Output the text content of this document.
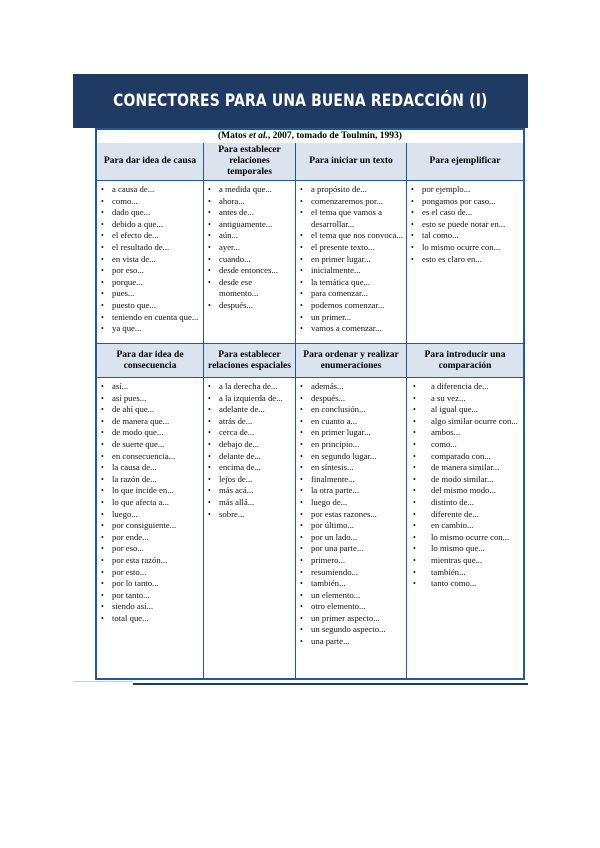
CONECTORES PARA UNA BUENA REDACCIÓN (I)
(Matos et al., 2007, tomado de Toulmin, 1993)
Para dar idea de causa
Para establecer relaciones temporales
Para iniciar un texto	Para ejemplificar
• a causa de...
• como...
• dado que...
• debido a que...
• el efecto de...
• el resultado de...
• en vista de...
• por eso...
• porque...
• pues...
• puesto que...
• teniendo en cuenta que...
• ya que...
• a medida que...
• ahora...
• antes de...
• antiguamente...
• aún...
• ayer...
• cuando...
• desde entonces...
• desde ese momento...
• después...
• a propósito de...
• comenzaremos por...
• el tema que vamos a desarrollar...
• el tema que nos convoca...
• el presente texto...
• en primer lugar...
• inicialmente...
• la temática que...
• para comenzar...
• podemos comenzar...
• un primer...
• vamos a comenzar...
• por ejemplo...
• pongamos por caso...
• es el caso de...
• esto se puede notar en...
• tal como...
• lo mismo ocurre con...
• esto es claro en...
Para dar idea de consecuencia
Para establecer relaciones espaciales
Para ordenar y realizar enumeraciones
Para introducir una comparación
• así...
• así pues...
• de ahí que...
• de manera que...
• de modo que...
• de suerte que...
• en consecuencia...
• la causa de...
• la razón de...
• lo que incide en...
• lo que afecta a...
• luego...
• por consiguiente...
• por ende...
• por eso...
• por esta razón...
• por esto...
• por lo tanto...
• por tanto...
• siendo así...
• total que...
• a la derecha de...
• a la izquierda de...
• adelante de...
• atrás de...
• cerca de...
• debajo de...
• delante de...
• encima de...
• lejos de...
• más acá...
• más allá...
• sobre...
• además...
• después...
• en conclusión...
• en cuanto a...
• en primer lugar...
• en principio...
• en segundo lugar...
• en síntesis...
• finalmente...
• la otra parte...
• luego de...
• por estas razones...
• por último...
• por un lado...
• por una parte...
• primero...
• resumiendo...
• también...
• un elemento...
• otro elemento...
• un primer aspecto...
• un segundo aspecto...
• una parte...
• a diferencia de...
• a su vez...
• al igual que...
• algo similar ocurre con...
• ambos...
• como...
• comparado con...
• de manera similar...
• de modo similar...
• del mismo modo...
• distinto de...
• diferente de...
• en cambio...
• lo mismo ocurre con...
• lo mismo que...
• mientras que...
• también...
• tanto como...
